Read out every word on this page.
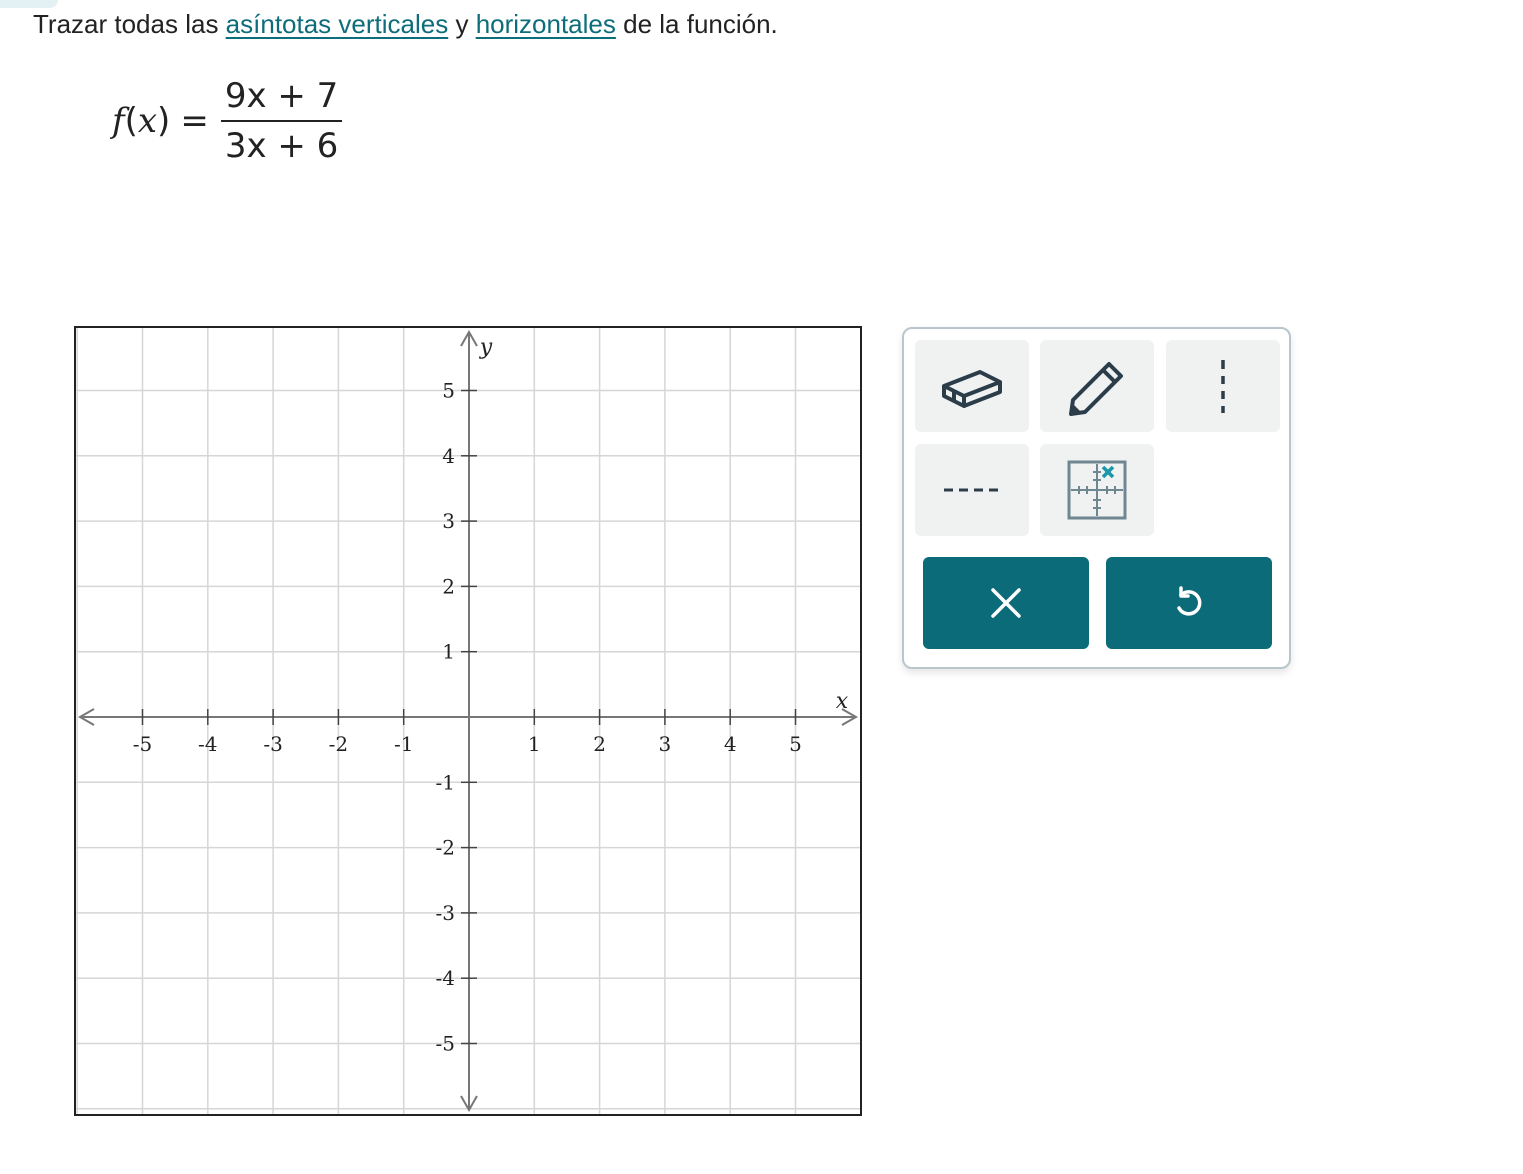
Trazar todas las asíntotas verticales y horizontales de la función.
f ( x ) = $\frac{9x + 7}{3x + 6}$
-5 -4 -3 -2 -1	1	2	3	4	5
5
4
3
2
1
-1
-2
-3
-4
-5
x
y
